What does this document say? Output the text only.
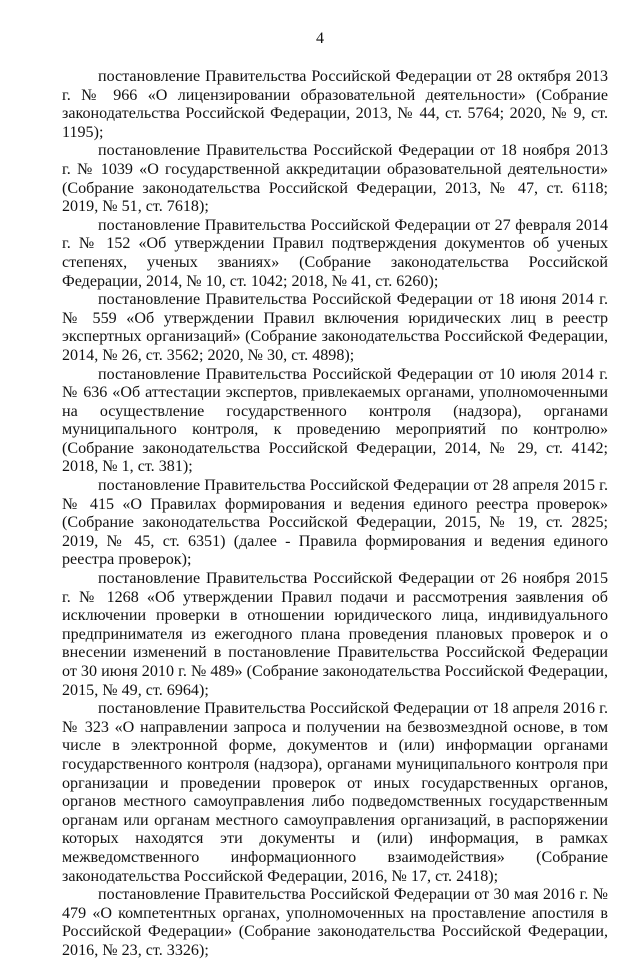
4

постановление Правительства Российской Федерации от 28 октября 2013 г. № 966 «О лицензировании образовательной деятельности» (Собрание законодательства Российской Федерации, 2013, № 44, ст. 5764; 2020, № 9, ст. 1195);

постановление Правительства Российской Федерации от 18 ноября 2013 г. № 1039 «О государственной аккредитации образовательной деятельности» (Собрание законодательства Российской Федерации, 2013, № 47, ст. 6118; 2019, № 51, ст. 7618);

постановление Правительства Российской Федерации от 27 февраля 2014 г. № 152 «Об утверждении Правил подтверждения документов об ученых степенях, ученых званиях» (Собрание законодательства Российской Федерации, 2014, № 10, ст. 1042; 2018, № 41, ст. 6260);

постановление Правительства Российской Федерации от 18 июня 2014 г. № 559 «Об утверждении Правил включения юридических лиц в реестр экспертных организаций» (Собрание законодательства Российской Федерации, 2014, № 26, ст. 3562; 2020, № 30, ст. 4898);

постановление Правительства Российской Федерации от 10 июля 2014 г. № 636 «Об аттестации экспертов, привлекаемых органами, уполномоченными на осуществление государственного контроля (надзора), органами муниципального контроля, к проведению мероприятий по контролю» (Собрание законодательства Российской Федерации, 2014, № 29, ст. 4142; 2018, № 1, ст. 381);

постановление Правительства Российской Федерации от 28 апреля 2015 г. № 415 «О Правилах формирования и ведения единого реестра проверок» (Собрание законодательства Российской Федерации, 2015, № 19, ст. 2825; 2019, № 45, ст. 6351) (далее - Правила формирования и ведения единого реестра проверок);

постановление Правительства Российской Федерации от 26 ноября 2015 г. № 1268 «Об утверждении Правил подачи и рассмотрения заявления об исключении проверки в отношении юридического лица, индивидуального предпринимателя из ежегодного плана проведения плановых проверок и о внесении изменений в постановление Правительства Российской Федерации от 30 июня 2010 г. № 489» (Собрание законодательства Российской Федерации, 2015, № 49, ст. 6964);

постановление Правительства Российской Федерации от 18 апреля 2016 г. № 323 «О направлении запроса и получении на безвозмездной основе, в том числе в электронной форме, документов и (или) информации органами государственного контроля (надзора), органами муниципального контроля при организации и проведении проверок от иных государственных органов, органов местного самоуправления либо подведомственных государственным органам или органам местного самоуправления организаций, в распоряжении которых находятся эти документы и (или) информация, в рамках межведомственного информационного взаимодействия» (Собрание законодательства Российской Федерации, 2016, № 17, ст. 2418);

постановление Правительства Российской Федерации от 30 мая 2016 г. № 479 «О компетентных органах, уполномоченных на проставление апостиля в Российской Федерации» (Собрание законодательства Российской Федерации, 2016, № 23, ст. 3326);
